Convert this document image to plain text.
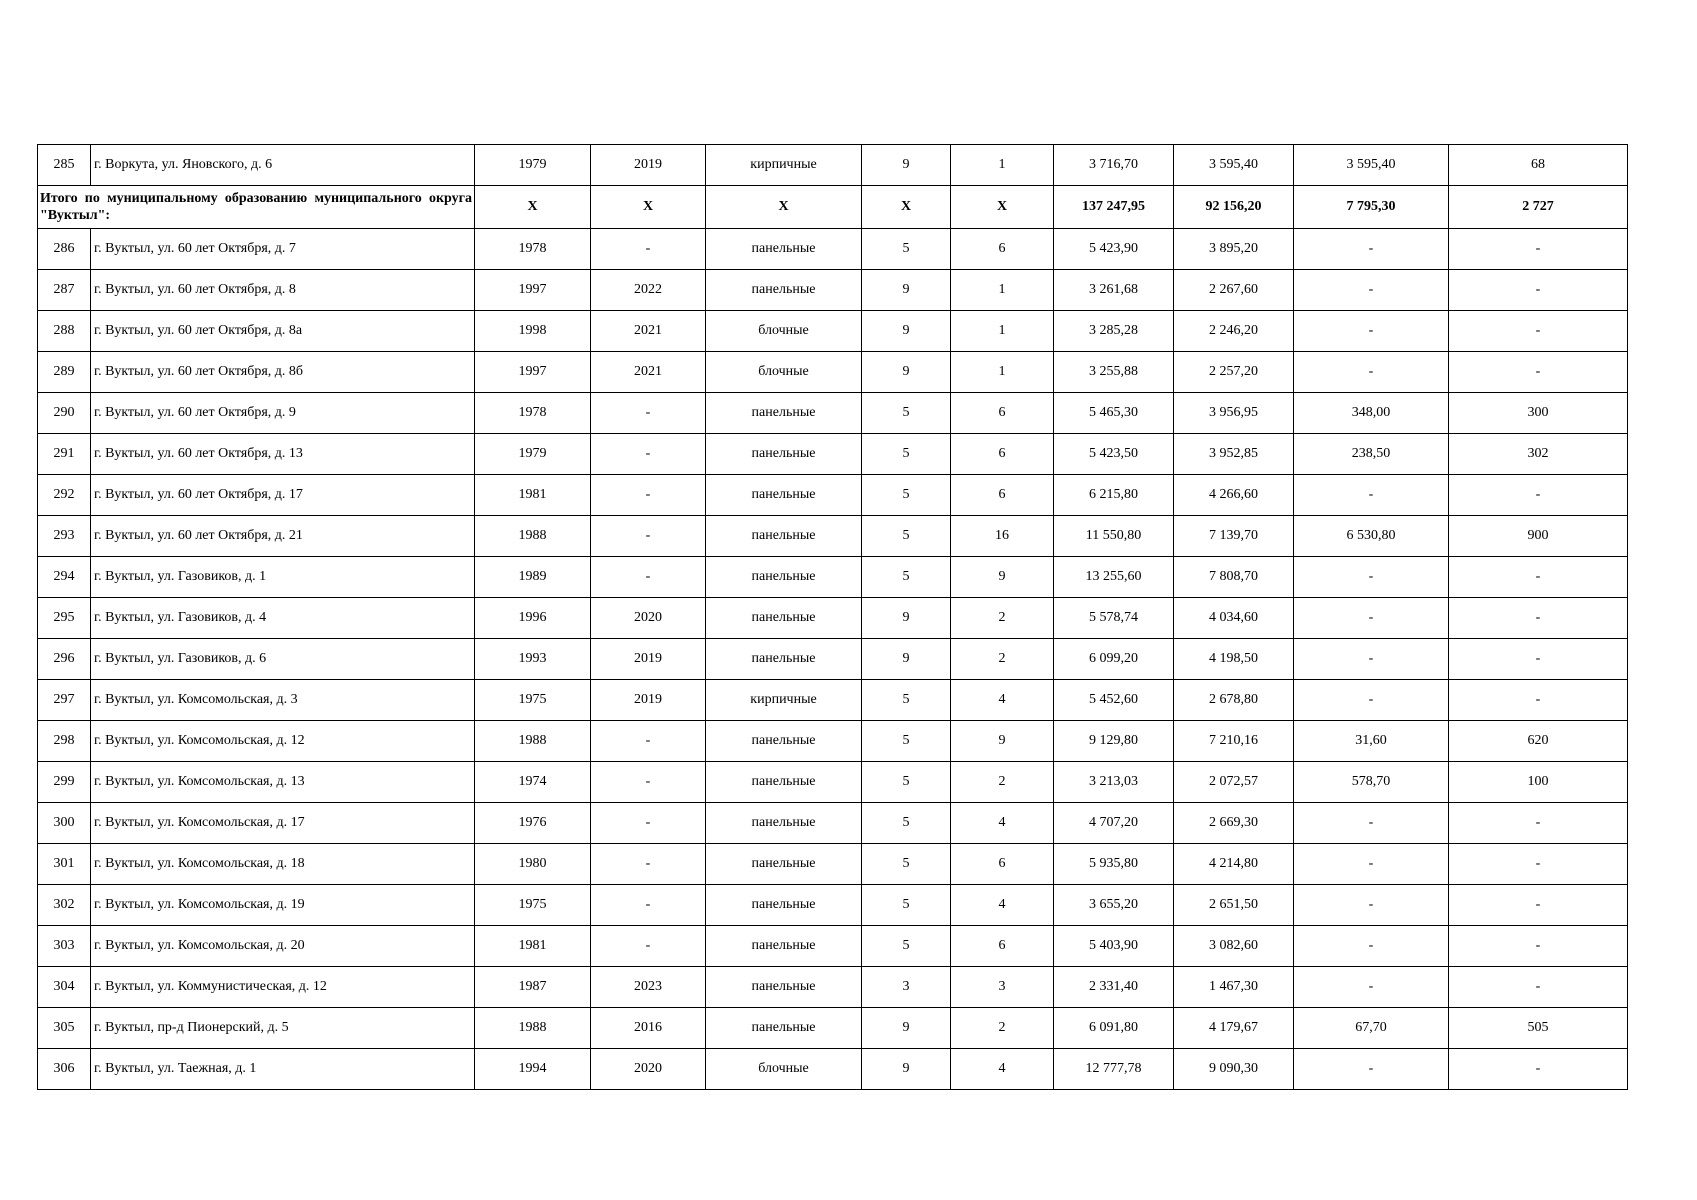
285	г. Воркута, ул. Яновского, д. 6	1979	2019	кирпичные	9	1	3 716,70	3 595,40	3 595,40	68
Итого по муниципальному образованию муниципального округа "Вуктыл":		X	X	X	X	X	137 247,95	92 156,20	7 795,30	2 727
286	г. Вуктыл, ул. 60 лет Октября, д. 7	1978	-	панельные	5	6	5 423,90	3 895,20	-	-
287	г. Вуктыл, ул. 60 лет Октября, д. 8	1997	2022	панельные	9	1	3 261,68	2 267,60	-	-
288	г. Вуктыл, ул. 60 лет Октября, д. 8а	1998	2021	блочные	9	1	3 285,28	2 246,20	-	-
289	г. Вуктыл, ул. 60 лет Октября, д. 8б	1997	2021	блочные	9	1	3 255,88	2 257,20	-	-
290	г. Вуктыл, ул. 60 лет Октября, д. 9	1978	-	панельные	5	6	5 465,30	3 956,95	348,00	300
291	г. Вуктыл, ул. 60 лет Октября, д. 13	1979	-	панельные	5	6	5 423,50	3 952,85	238,50	302
292	г. Вуктыл, ул. 60 лет Октября, д. 17	1981	-	панельные	5	6	6 215,80	4 266,60	-	-
293	г. Вуктыл, ул. 60 лет Октября, д. 21	1988	-	панельные	5	16	11 550,80	7 139,70	6 530,80	900
294	г. Вуктыл, ул. Газовиков, д. 1	1989	-	панельные	5	9	13 255,60	7 808,70	-	-
295	г. Вуктыл, ул. Газовиков, д. 4	1996	2020	панельные	9	2	5 578,74	4 034,60	-	-
296	г. Вуктыл, ул. Газовиков, д. 6	1993	2019	панельные	9	2	6 099,20	4 198,50	-	-
297	г. Вуктыл, ул. Комсомольская, д. 3	1975	2019	кирпичные	5	4	5 452,60	2 678,80	-	-
298	г. Вуктыл, ул. Комсомольская, д. 12	1988	-	панельные	5	9	9 129,80	7 210,16	31,60	620
299	г. Вуктыл, ул. Комсомольская, д. 13	1974	-	панельные	5	2	3 213,03	2 072,57	578,70	100
300	г. Вуктыл, ул. Комсомольская, д. 17	1976	-	панельные	5	4	4 707,20	2 669,30	-	-
301	г. Вуктыл, ул. Комсомольская, д. 18	1980	-	панельные	5	6	5 935,80	4 214,80	-	-
302	г. Вуктыл, ул. Комсомольская, д. 19	1975	-	панельные	5	4	3 655,20	2 651,50	-	-
303	г. Вуктыл, ул. Комсомольская, д. 20	1981	-	панельные	5	6	5 403,90	3 082,60	-	-
304	г. Вуктыл, ул. Коммунистическая, д. 12	1987	2023	панельные	3	3	2 331,40	1 467,30	-	-
305	г. Вуктыл, пр-д Пионерский, д. 5	1988	2016	панельные	9	2	6 091,80	4 179,67	67,70	505
306	г. Вуктыл, ул. Таежная, д. 1	1994	2020	блочные	9	4	12 777,78	9 090,30	-	-
